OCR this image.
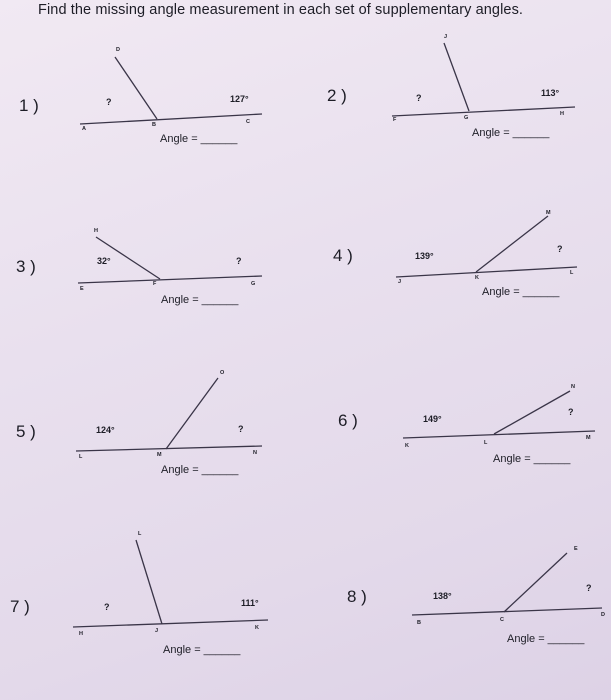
Find the missing angle measurement in each set of supplementary angles.
1 )
A
D
B	C
?	127°
Angle = ______
2 )
F
J
G
H
?	113°
Angle = ______
3 )
E
H
F	G
32°	?
Angle = ______
4 )
J
K
M
L
139°
?
Angle = ______
5 )
L	M
O
N
124°	?
Angle = ______
6 )
K	L
N
M
149°
?
Angle = ______
7 )
H	J
L
K
?	111°
Angle = ______
8 )
B	C
E
D
138°
?
Angle = ______
